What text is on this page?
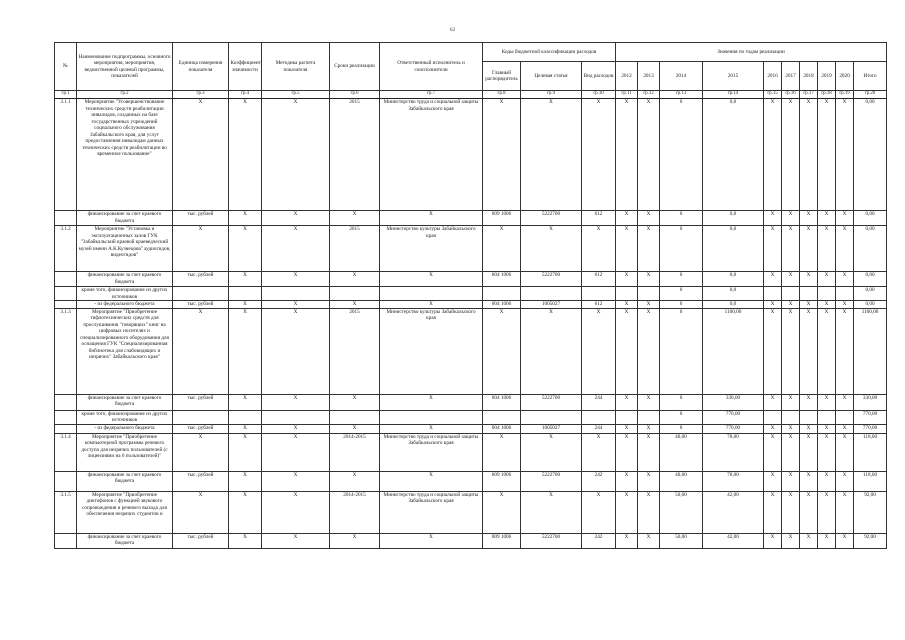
62
№	Наименование подпрограммы, основного мероприятия, мероприятия, ведомственной целевой программы, показателей	Единица измерения показателя	Коэффициент значимости	Методика расчета показателя	Сроки реализации	Ответственный исполнитель и соисполнители	Коды бюджетной классификации расходов			Значения по годам реализации									
							Главный распорядитель	Целевая статья	Вид расходов	2012	2013	2014	2015	2016	2017	2018	2019	2020	Итого
гр.1	гр.2	гр.3	гр.4	гр.5	гр.6	гр.7	гр.8	гр.9	гр.10	гр.11	гр.12	гр.13	гр.14	гр.15	гр.16	гр.17	гр.18	гр.19	гр.20
3.1.1	Мероприятие "Усовершенствование технических средств реабилитации инвалидов, созданных на базе государственных учреждений социального обслуживания Забайкальского края, для услуг предоставления инвалидам данных технических средств реабилитации во временное пользование"	Х	Х	Х	2015	Министерство труда и социальной защиты Забайкальского края	Х	Х	Х	Х	Х	0	0,0	Х	Х	Х	Х	Х	0,00
	финансирование за счет краевого бюджета	тыс. рублей	Х	Х	Х	Х	009 1006	5222700	612	Х	Х	0	0,0	Х	Х	Х	Х	Х	0,00
3.1.2	Мероприятие "Установка и эксплуатационных залов ГУК "Забайкальский краевой краеведческий музей имени А.К.Кузнецова" аудиогидов, видеогидов"	Х	Х	Х	2015	Министерство культуры Забайкальского края	Х	Х	Х	Х	Х	0	0,0	Х	Х	Х	Х	Х	0,00
	финансирование за счет краевого бюджета	тыс. рублей	Х	Х	Х	Х	004 1006	5222700	612	Х	Х	0	0,0	Х	Х	Х	Х	Х	0,00
	кроме того, финансирование из других источников											0	0,0						0,00
	- из федерального бюджета	тыс. рублей	Х	Х	Х	Х	004 1006	1005027	612	Х	Х	0	0,0	Х	Х	Х	Х	Х	0,00
3.1.3	Мероприятие "Приобретение тифлотехнических средств для прослушивания "говорящих" книг на цифровых носителях и специализированного оборудования для оснащения ГУК "Специализированная библиотека для слабовидящих и незрячих" Забайкальского края"	Х	Х	Х	2015	Министерство культуры Забайкальского края	Х	Х	Х	Х	Х	0	1100,00	Х	Х	Х	Х	Х	1100,00
	финансирование за счет краевого бюджета	тыс. рублей	Х	Х	Х	Х	004 1006	5222700	244	Х	Х	0	330,00	Х	Х	Х	Х	Х	330,00
	кроме того, финансирование из других источников											0	770,00						770,00
	- из федерального бюджета	тыс. рублей	Х	Х	Х	Х	004 1006	1005027	244	Х	Х	0	770,00	Х	Х	Х	Х	Х	770,00
3.1.4	Мероприятие "Приобретение компьютерной программы речевого доступа для незрячих пользователей (с лицензиями на 6 пользователей)"	Х	Х	Х	2014-2015	Министерство труда и социальной защиты Забайкальского края	Х	Х	Х	Х	Х	40,00	78,00	Х	Х	Х	Х	Х	118,00
	финансирование за счет краевого бюджета	тыс. рублей	Х	Х	Х	Х	009 1006	5222700	242	Х	Х	40,00	78,00	Х	Х	Х	Х	Х	118,00
3.1.5	Мероприятие "Приобретение диктофонов с функцией звукового сопровождения и речевого выхода для обеспечения незрячих студентов и	Х	Х	Х	2014-2015	Министерство труда и социальной защиты Забайкальского края	Х	Х	Х	Х	Х	50,00	42,00	Х	Х	Х	Х	Х	92,00
	финансирование за счет краевого бюджета	тыс. рублей	Х	Х	Х	Х	009 1006	5222700	242	Х	Х	50,00	42,00	Х	Х	Х	Х	Х	92,00
